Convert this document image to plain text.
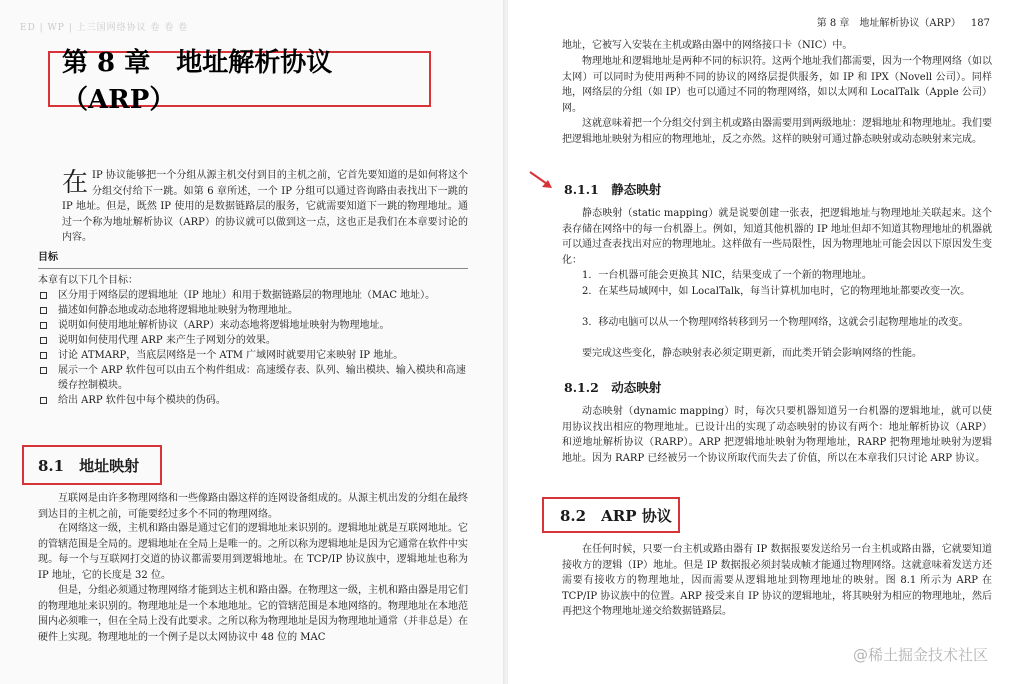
ED | WP | 上三国网络协议 卷 卷 卷
第 8 章　地址解析协议（ARP）
在IP 协议能够把一个分组从源主机交付到目的主机之前，它首先要知道的是如何将这个分组交付给下一跳。如第 6 章所述，一个 IP 分组可以通过咨询路由表找出下一跳的 IP 地址。但是，既然 IP 使用的是数据链路层的服务，它就需要知道下一跳的物理地址。通过一个称为地址解析协议（ARP）的协议就可以做到这一点，这也正是我们在本章要讨论的内容。
目标
本章有以下几个目标：
区分用于网络层的逻辑地址（IP 地址）和用于数据链路层的物理地址（MAC 地址）。
描述如何静态地或动态地将逻辑地址映射为物理地址。
说明如何使用地址解析协议（ARP）来动态地将逻辑地址映射为物理地址。
说明如何使用代理 ARP 来产生子网划分的效果。
讨论 ATMARP，当底层网络是一个 ATM 广域网时就要用它来映射 IP 地址。
展示一个 ARP 软件包可以由五个构件组成：高速缓存表、队列、输出模块、输入模块和高速缓存控制模块。
给出 ARP 软件包中每个模块的伪码。
8.1　地址映射

互联网是由许多物理网络和一些像路由器这样的连网设备组成的。从源主机出发的分组在最终到达目的主机之前，可能要经过多个不同的物理网络。

在网络这一级，主机和路由器是通过它们的逻辑地址来识别的。逻辑地址就是互联网地址。它的管辖范围是全局的。逻辑地址在全局上是唯一的。之所以称为逻辑地址是因为它通常在软件中实现。每一个与互联网打交道的协议都需要用到逻辑地址。在 TCP/IP 协议族中，逻辑地址也称为 IP 地址，它的长度是 32 位。

但是，分组必须通过物理网络才能到达主机和路由器。在物理这一级，主机和路由器是用它们的物理地址来识别的。物理地址是一个本地地址。它的管辖范围是本地网络的。物理地址在本地范围内必须唯一，但在全局上没有此要求。之所以称为物理地址是因为物理地址通常（并非总是）在硬件上实现。物理地址的一个例子是以太网协议中 48 位的 MAC

第 8 章　地址解析协议（ARP） 187

地址，它被写入安装在主机或路由器中的网络接口卡（NIC）中。

物理地址和逻辑地址是两种不同的标识符。这两个地址我们都需要，因为一个物理网络（如以太网）可以同时为使用两种不同的协议的网络层提供服务，如 IP 和 IPX（Novell 公司）。同样地，网络层的分组（如 IP）也可以通过不同的物理网络，如以太网和 LocalTalk（Apple 公司）网。

这就意味着把一个分组交付到主机或路由器需要用到两级地址：逻辑地址和物理地址。我们要把逻辑地址映射为相应的物理地址，反之亦然。这样的映射可通过静态映射或动态映射来完成。

8.1.1　静态映射

静态映射（static mapping）就是说要创建一张表，把逻辑地址与物理地址关联起来。这个表存储在网络中的每一台机器上。例如，知道其他机器的 IP 地址但却不知道其物理地址的机器就可以通过查表找出对应的物理地址。这样做有一些局限性，因为物理地址可能会因以下原因发生变化：

1．一台机器可能会更换其 NIC，结果变成了一个新的物理地址。

2．在某些局域网中，如 LocalTalk，每当计算机加电时，它的物理地址都要改变一次。

3．移动电脑可以从一个物理网络转移到另一个物理网络，这就会引起物理地址的改变。

要完成这些变化，静态映射表必须定期更新，而此类开销会影响网络的性能。

8.1.2　动态映射

动态映射（dynamic mapping）时，每次只要机器知道另一台机器的逻辑地址，就可以使用协议找出相应的物理地址。已设计出的实现了动态映射的协议有两个：地址解析协议（ARP）和逆地址解析协议（RARP）。ARP 把逻辑地址映射为物理地址，RARP 把物理地址映射为逻辑地址。因为 RARP 已经被另一个协议所取代而失去了价值，所以在本章我们只讨论 ARP 协议。

在任何时候，只要一台主机或路由器有 IP 数据报要发送给另一台主机或路由器，它就要知道接收方的逻辑（IP）地址。但是 IP 数据报必须封装成帧才能通过物理网络。这就意味着发送方还需要有接收方的物理地址，因而需要从逻辑地址到物理地址的映射。图 8.1 所示为 ARP 在 TCP/IP 协议族中的位置。ARP 接受来自 IP 协议的逻辑地址，将其映射为相应的物理地址，然后再把这个物理地址递交给数据链路层。

8.2　ARP 协议
@稀土掘金技术社区
